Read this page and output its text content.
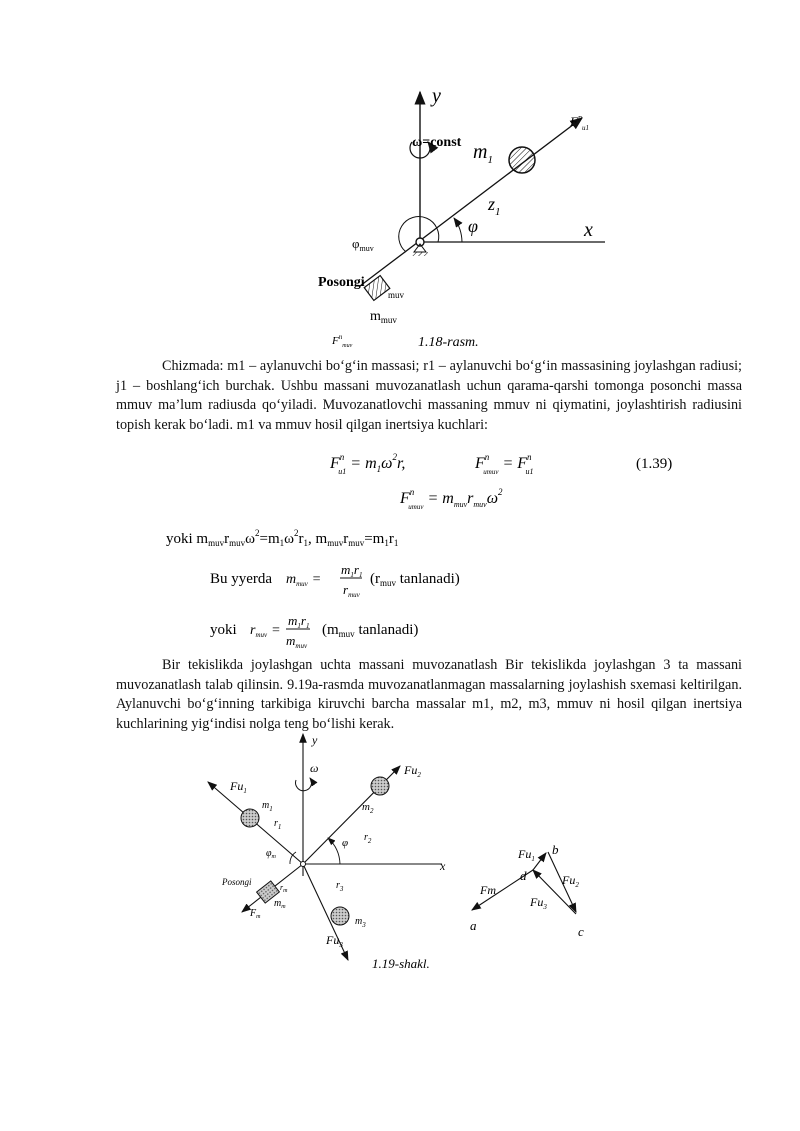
y
x
ω=const $m_1$
$z_1$
$F^n_{u1}$
φ
$\varphi_{muv}$
Posongi
muv
$m_{muv}$
$F^n_{muv}$	1.18-rasm.

Chizmada: m1 – aylanuvchi bo‘g‘in massasi; r1 – aylanuvchi bo‘g‘in massasining joylashgan radiusi; j1 – boshlang‘ich burchak. Ushbu massani muvozanatlash uchun qarama-qarshi tomonga posonchi massa mmuv ma’lum radiusda qo‘yiladi. Muvozanatlovchi massaning mmuv ni qiymatini, joylashtirish radiusini topish kerak bo‘ladi. m1 va mmuv hosil qilgan inertsiya kuchlari:

$F^n$ $u1 = m_1\omega^2r$,	$F^n$ umuv = $F^n$ u1	(1.39)
$F^n$ umuv = $m_{muv}r_{muv}\omega^2$
yoki $m_{muv}r_{muv}\omega^2=m_1\omega^2r_1$, $m_{muv}r_{muv}=m_1r_1$
Bu yyerda $m_{muv}$ =
$m_1r_1$
$r_{muv}$
($r_{muv}$ tanlanadi)
yoki $r_{muv}$ =
$m_1r_1$
$m_{muv}$
($m_{muv}$ tanlanadi)

Bir tekislikda joylashgan uchta massani muvozanatlash Bir tekislikda joylashgan 3 ta massani muvozanatlash talab qilinsin. 9.19a-rasmda muvozanatlanmagan massalarning joylashish sxemasi keltirilgan. Aylanuvchi bo‘g‘inning tarkibiga kiruvchi barcha massalar m1, m2, m3, mmuv ni hosil qilgan inertsiya kuchlarining yig‘indisi nolga teng bo‘lishi kerak.

y
x
ω	$Fu_2$
$m_2$
$r_2$
$Fu_1$
$m_1$
$r_1$
$m_3$
$r_3$
$Fu_3$
Posongi
$r_m$
$m_m$
$F_m$
φ
$\varphi_m$	$Fu_1$
$Fu_2$
$Fu_3$
Fm
a
b
c
d
1.19-shakl.
